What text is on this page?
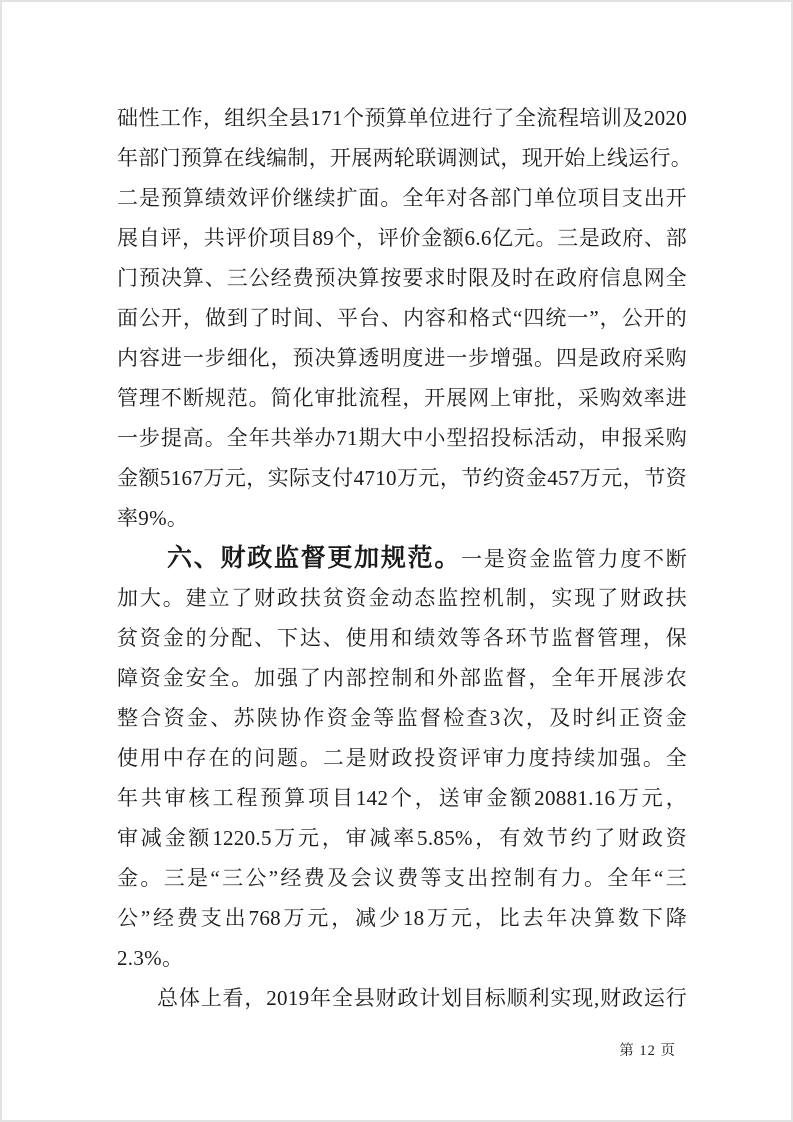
础性工作，组织全县171个预算单位进行了全流程培训及2020
年部门预算在线编制，开展两轮联调测试，现开始上线运行。
二是预算绩效评价继续扩面。全年对各部门单位项目支出开
展自评，共评价项目89个，评价金额6.6亿元。三是政府、部
门预决算、三公经费预决算按要求时限及时在政府信息网全
面公开，做到了时间、平台、内容和格式“四统一”，公开的
内容进一步细化，预决算透明度进一步增强。四是政府采购
管理不断规范。简化审批流程，开展网上审批，采购效率进
一步提高。全年共举办71期大中小型招投标活动，申报采购
金额5167万元，实际支付4710万元，节约资金457万元，节资
率9%。
六、财政监督更加规范。一是资金监管力度不断
加大。建立了财政扶贫资金动态监控机制，实现了财政扶
贫资金的分配、下达、使用和绩效等各环节监督管理，保
障资金安全。加强了内部控制和外部监督，全年开展涉农
整合资金、苏陕协作资金等监督检查3次，及时纠正资金
使用中存在的问题。二是财政投资评审力度持续加强。全
年共审核工程预算项目142个，送审金额20881.16万元，
审减金额1220.5万元，审减率5.85%，有效节约了财政资
金。三是“三公”经费及会议费等支出控制有力。全年“三
公”经费支出768万元，减少18万元，比去年决算数下降
2.3%。
总体上看，2019年全县财政计划目标顺利实现,财政运行
第 12 页
